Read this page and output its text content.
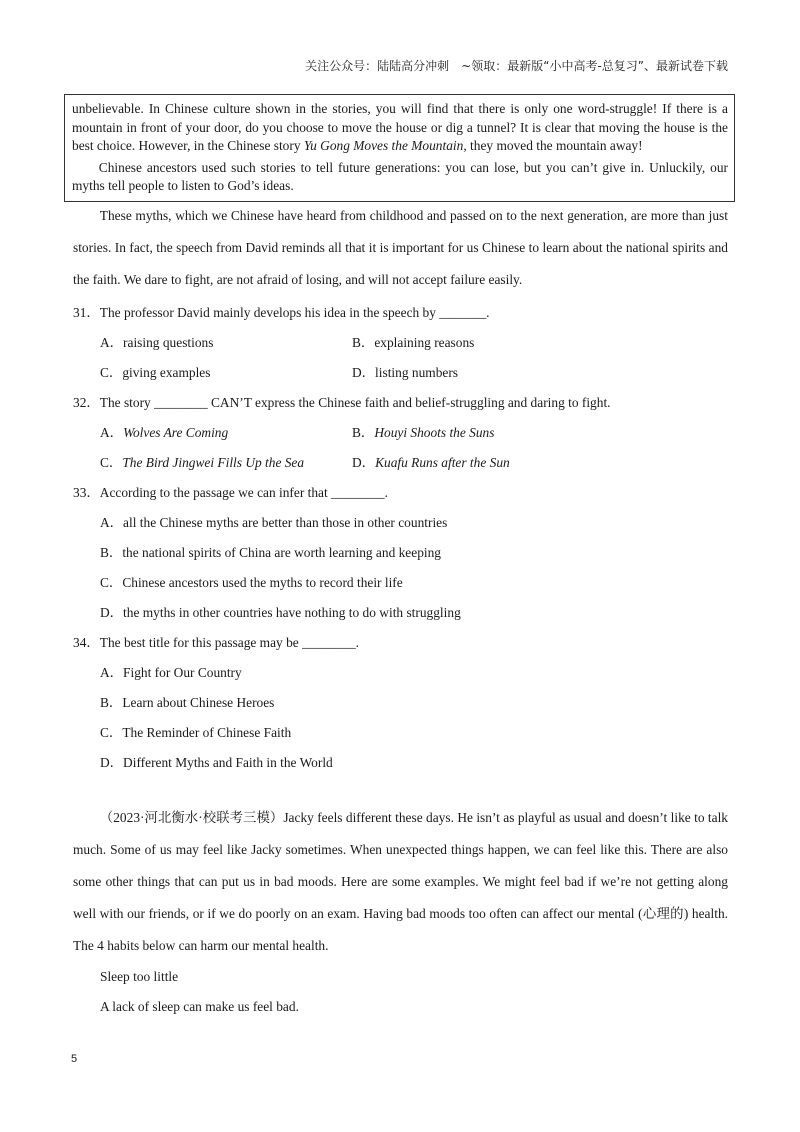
关注公众号：陆陆高分冲刺　~领取：最新版“小中高考-总复习”、最新试卷下载

unbelievable. In Chinese culture shown in the stories, you will find that there is only one word-struggle! If there is a mountain in front of your door, do you choose to move the house or dig a tunnel? It is clear that moving the house is the best choice. However, in the Chinese story Yu Gong Moves the Mountain, they moved the mountain away!

Chinese ancestors used such stories to tell future generations: you can lose, but you can’t give in. Unluckily, our myths tell people to listen to God’s ideas.

These myths, which we Chinese have heard from childhood and passed on to the next generation, are more than just stories. In fact, the speech from David reminds all that it is important for us Chinese to learn about the national spirits and the faith. We dare to fight, are not afraid of losing, and will not accept failure easily.

31．The professor David mainly develops his idea in the speech by _______.
A．raising questions	B．explaining reasons
C．giving examples	D．listing numbers
32．The story ________ CAN’T express the Chinese faith and belief-struggling and daring to fight.
A．Wolves Are Coming	B．Houyi Shoots the Suns
C．The Bird Jingwei Fills Up the Sea	D．Kuafu Runs after the Sun
33．According to the passage we can infer that ________.
A．all the Chinese myths are better than those in other countries
B．the national spirits of China are worth learning and keeping
C．Chinese ancestors used the myths to record their life
D．the myths in other countries have nothing to do with struggling
34．The best title for this passage may be ________.
A．Fight for Our Country
B．Learn about Chinese Heroes
C．The Reminder of Chinese Faith
D．Different Myths and Faith in the World

（2023·河北衡水·校联考三模）Jacky feels different these days. He isn’t as playful as usual and doesn’t like to talk much. Some of us may feel like Jacky sometimes. When unexpected things happen, we can feel like this. There are also some other things that can put us in bad moods. Here are some examples. We might feel bad if we’re not getting along well with our friends, or if we do poorly on an exam. Having bad moods too often can affect our mental (心理的) health. The 4 habits below can harm our mental health.

Sleep too little
A lack of sleep can make us feel bad.
5
